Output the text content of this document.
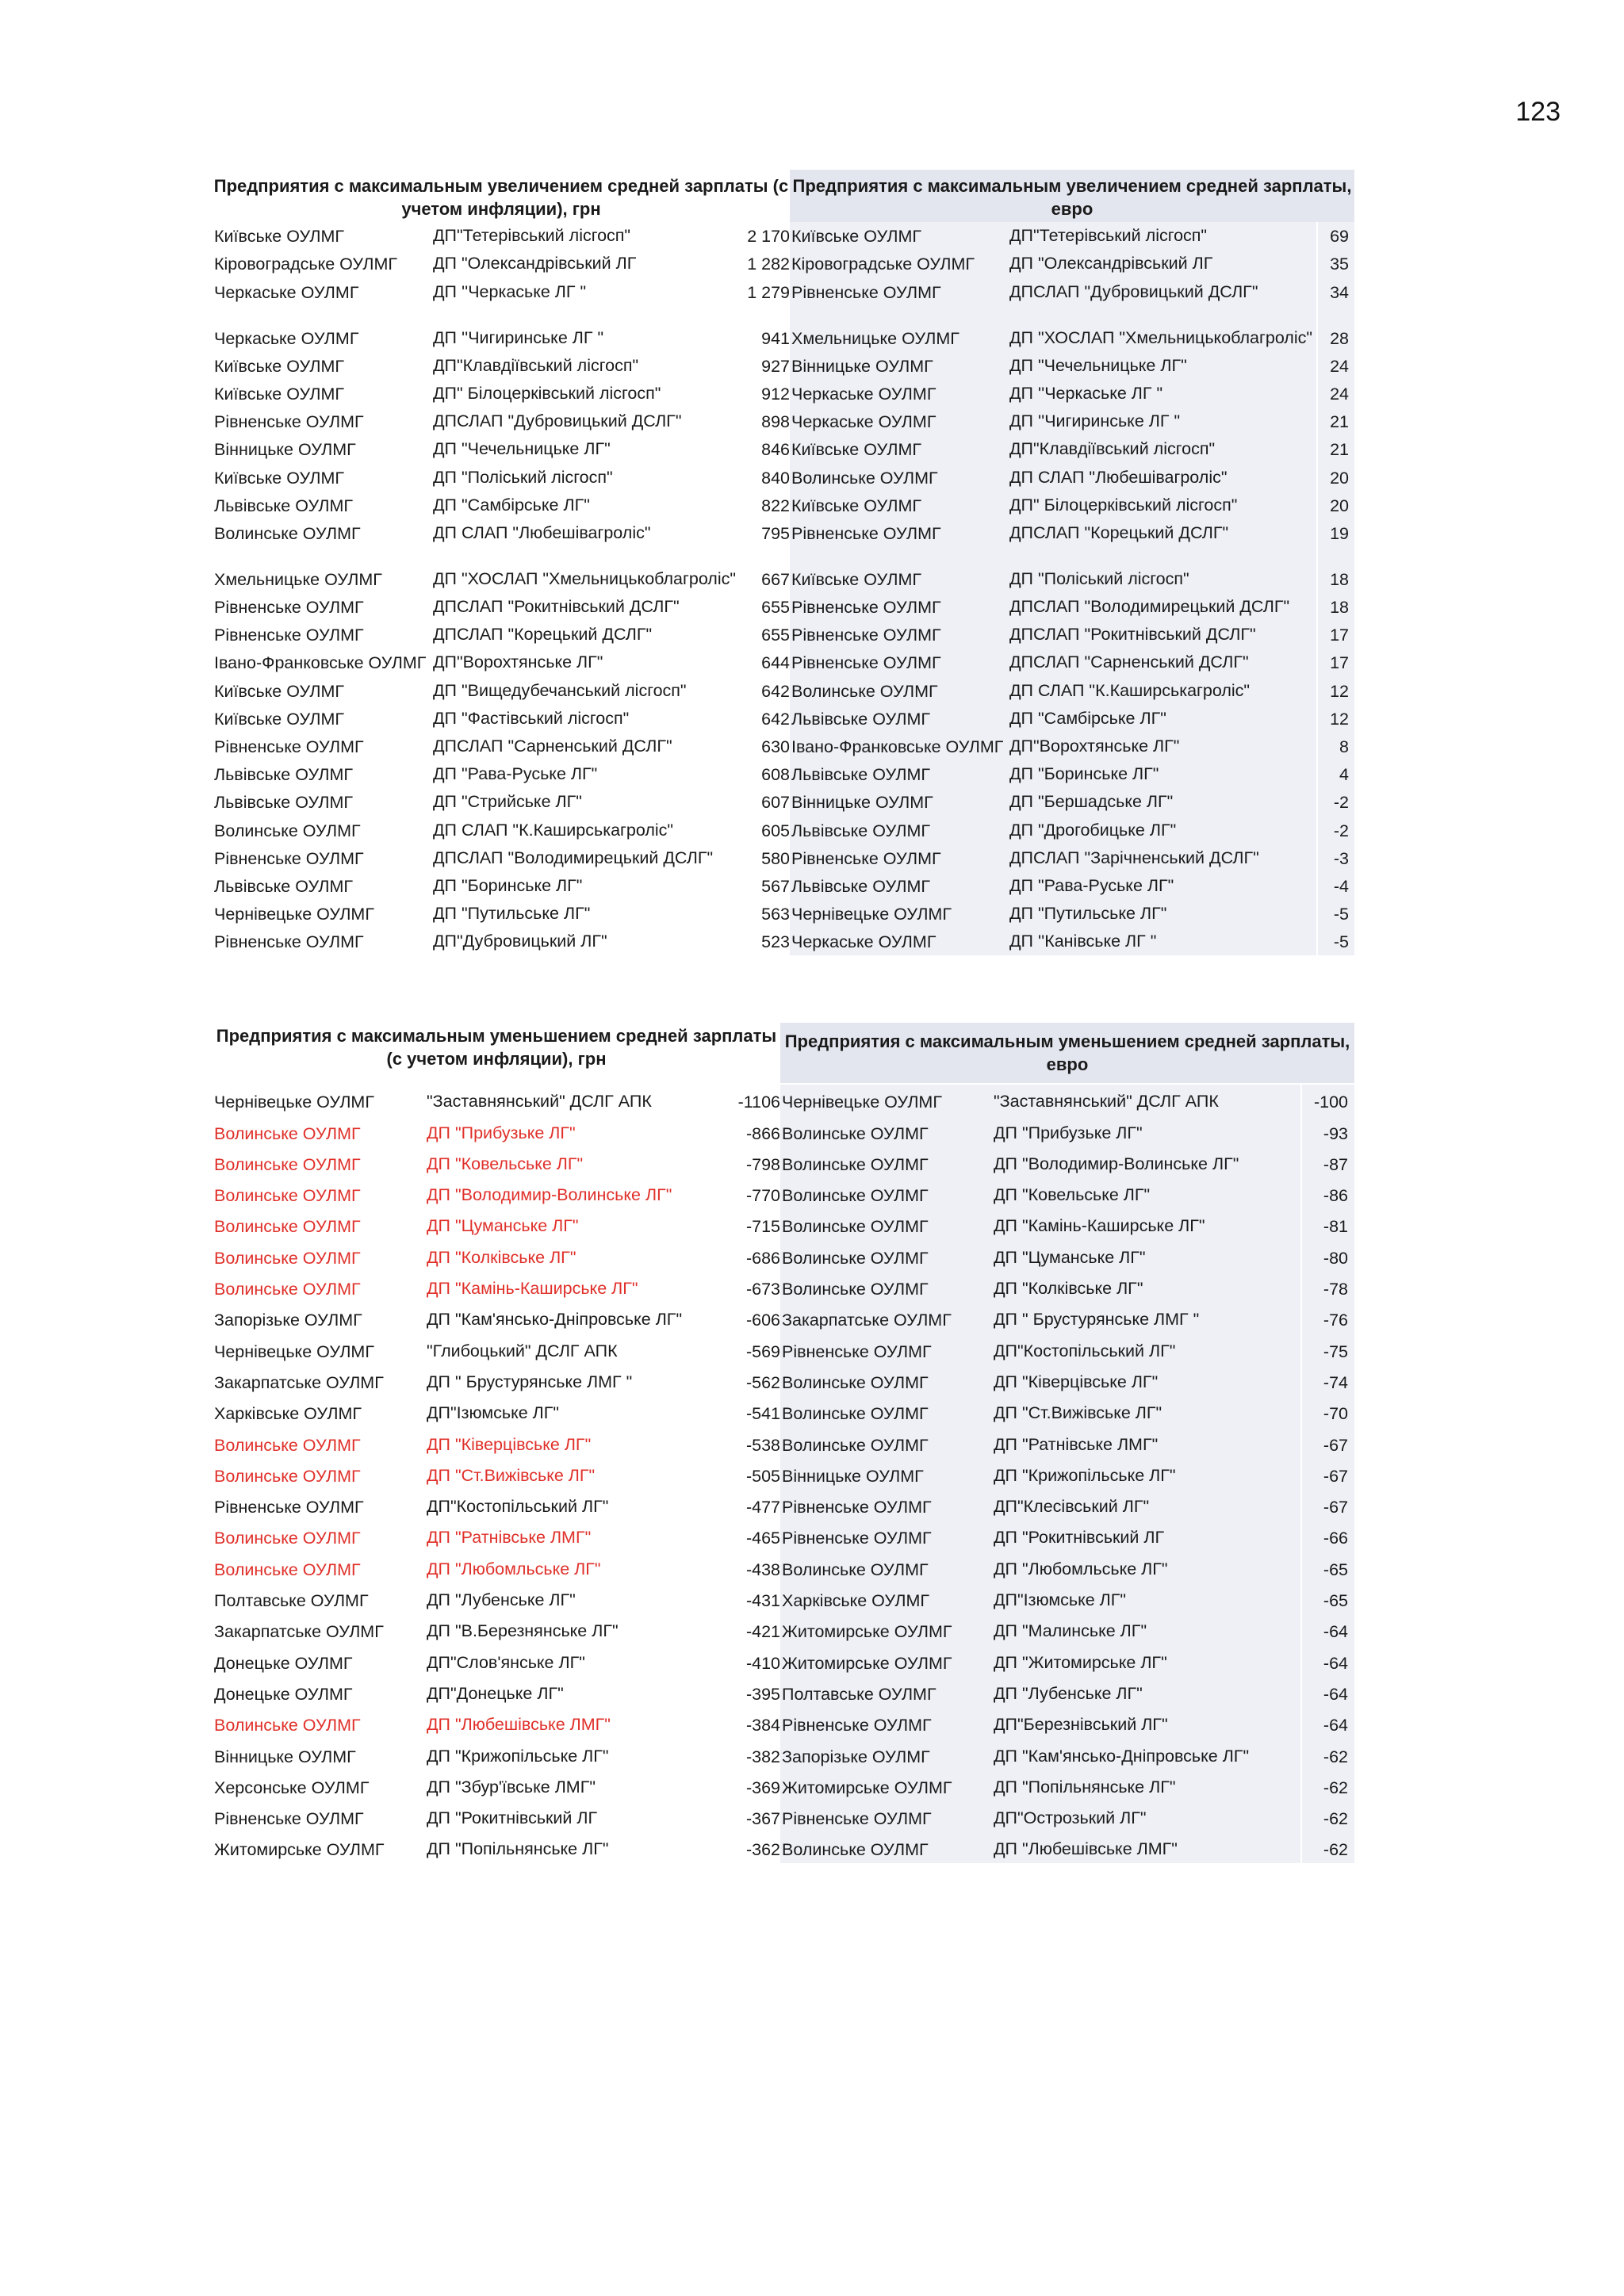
123
Предприятия с максимальным увеличением средней зарплаты (с учетом инфляции), грн
Предприятия с максимальным увеличением средней зарплаты, евро
Київське ОУЛМГ	ДП"Тетерівський лісгосп"	2 170 Київське ОУЛМГ	ДП"Тетерівський лісгосп"	69
Кіровоградське ОУЛМГ	ДП "Олександрівський ЛГ	1 282 Кіровоградське ОУЛМГ	ДП "Олександрівський ЛГ	35
Черкаське ОУЛМГ	ДП ''Черкаське ЛГ "	1 279 Рівненське ОУЛМГ	ДПСЛАП "Дубровицький ДСЛГ"	34
Черкаське ОУЛМГ	ДП ''Чигиринське ЛГ "	941 Хмельницьке ОУЛМГ	ДП "ХОСЛАП "Хмельницькоблагроліс"	28
Київське ОУЛМГ	ДП"Клавдіївський лісгосп"	927 Вінницьке ОУЛМГ	ДП "Чечельницьке ЛГ"	24
Київське ОУЛМГ	ДП" Білоцерківський лісгосп"	912 Черкаське ОУЛМГ	ДП ''Черкаське ЛГ "	24
Рівненське ОУЛМГ	ДПСЛАП "Дубровицький ДСЛГ"	898 Черкаське ОУЛМГ	ДП ''Чигиринське ЛГ "	21
Вінницьке ОУЛМГ	ДП "Чечельницьке ЛГ"	846 Київське ОУЛМГ	ДП"Клавдіївський лісгосп"	21
Київське ОУЛМГ	ДП "Поліський лісгосп"	840 Волинське ОУЛМГ	ДП СЛАП "Любешівагроліс"	20
Львівське ОУЛМГ	ДП "Самбірське ЛГ"	822 Київське ОУЛМГ	ДП" Білоцерківський лісгосп"	20
Волинське ОУЛМГ	ДП СЛАП "Любешівагроліс"	795 Рівненське ОУЛМГ	ДПСЛАП "Корецький ДСЛГ"	19
Хмельницьке ОУЛМГ	ДП "ХОСЛАП "Хмельницькоблагроліс"	667 Київське ОУЛМГ	ДП "Поліський лісгосп"	18
Рівненське ОУЛМГ	ДПСЛАП "Рокитнівський ДСЛГ"	655 Рівненське ОУЛМГ	ДПСЛАП "Володимирецький ДСЛГ"	18
Рівненське ОУЛМГ	ДПСЛАП "Корецький ДСЛГ"	655 Рівненське ОУЛМГ	ДПСЛАП "Рокитнівський ДСЛГ"	17
Івано-Франковське ОУЛМГ ДП"Ворохтянське ЛГ"	644 Рівненське ОУЛМГ	ДПСЛАП "Сарненський ДСЛГ"	17
Київське ОУЛМГ	ДП "Вищедубечанський лісгосп"	642 Волинське ОУЛМГ	ДП СЛАП "К.Каширськагроліс"	12
Київське ОУЛМГ	ДП "Фастівський лісгосп"	642 Львівське ОУЛМГ	ДП "Самбірське ЛГ"	12
Рівненське ОУЛМГ	ДПСЛАП "Сарненський ДСЛГ"	630 Івано-Франковське ОУЛМГ ДП"Ворохтянське ЛГ"	8
Львівське ОУЛМГ	ДП "Рава-Руське ЛГ"	608 Львівське ОУЛМГ	ДП "Боринське ЛГ"	4
Львівське ОУЛМГ	ДП "Стрийське ЛГ"	607 Вінницьке ОУЛМГ	ДП "Бершадське ЛГ"	-2
Волинське ОУЛМГ	ДП СЛАП "К.Каширськагроліс"	605 Львівське ОУЛМГ	ДП "Дрогобицьке ЛГ"	-2
Рівненське ОУЛМГ	ДПСЛАП "Володимирецький ДСЛГ"	580 Рівненське ОУЛМГ	ДПСЛАП "Зарічненський ДСЛГ"	-3
Львівське ОУЛМГ	ДП "Боринське ЛГ"	567 Львівське ОУЛМГ	ДП "Рава-Руське ЛГ"	-4
Чернівецьке ОУЛМГ	ДП "Путильське ЛГ"	563 Чернівецьке ОУЛМГ	ДП "Путильське ЛГ"	-5
Рівненське ОУЛМГ	ДП"Дубровицький ЛГ"	523 Черкаське ОУЛМГ	ДП ''Канівське ЛГ "	-5
Предприятия с максимальным уменьшением средней зарплаты (с учетом инфляции), грн
Предприятия с максимальным уменьшением средней зарплаты, евро
Чернівецьке ОУЛМГ	"Заставнянський" ДСЛГ АПК	-1106 Чернівецьке ОУЛМГ	"Заставнянський" ДСЛГ АПК	-100
Волинське ОУЛМГ	ДП "Прибузьке ЛГ"	-866 Волинське ОУЛМГ	ДП "Прибузьке ЛГ"	-93
Волинське ОУЛМГ	ДП "Ковельське ЛГ"	-798 Волинське ОУЛМГ	ДП "Володимир-Волинське ЛГ"	-87
Волинське ОУЛМГ	ДП "Володимир-Волинське ЛГ"	-770 Волинське ОУЛМГ	ДП "Ковельське ЛГ"	-86
Волинське ОУЛМГ	ДП "Цуманське ЛГ"	-715 Волинське ОУЛМГ	ДП "Камінь-Каширське ЛГ"	-81
Волинське ОУЛМГ	ДП "Колківське ЛГ"	-686 Волинське ОУЛМГ	ДП "Цуманське ЛГ"	-80
Волинське ОУЛМГ	ДП "Камінь-Каширське ЛГ"	-673 Волинське ОУЛМГ	ДП "Колківське ЛГ"	-78
Запорізьке ОУЛМГ	ДП "Кам'янсько-Дніпровське ЛГ"	-606 Закарпатське ОУЛМГ	ДП " Брустурянське ЛМГ "	-76
Чернівецьке ОУЛМГ	"Глибоцький" ДСЛГ АПК	-569 Рівненське ОУЛМГ	ДП"Костопільський ЛГ"	-75
Закарпатське ОУЛМГ	ДП " Брустурянське ЛМГ "	-562 Волинське ОУЛМГ	ДП "Ківерцівське ЛГ"	-74
Харківське ОУЛМГ	ДП"Ізюмське ЛГ"	-541 Волинське ОУЛМГ	ДП "Ст.Вижівське ЛГ"	-70
Волинське ОУЛМГ	ДП "Ківерцівське ЛГ"	-538 Волинське ОУЛМГ	ДП "Ратнівське ЛМГ"	-67
Волинське ОУЛМГ	ДП "Ст.Вижівське ЛГ"	-505 Вінницьке ОУЛМГ	ДП "Крижопільське ЛГ"	-67
Рівненське ОУЛМГ	ДП"Костопільський ЛГ"	-477 Рівненське ОУЛМГ	ДП"Клесівський ЛГ"	-67
Волинське ОУЛМГ	ДП "Ратнівське ЛМГ"	-465 Рівненське ОУЛМГ	ДП "Рокитнівський ЛГ	-66
Волинське ОУЛМГ	ДП "Любомльське ЛГ"	-438 Волинське ОУЛМГ	ДП "Любомльське ЛГ"	-65
Полтавське ОУЛМГ	ДП "Лубенське ЛГ"	-431 Харківське ОУЛМГ	ДП"Ізюмське ЛГ"	-65
Закарпатське ОУЛМГ	ДП "В.Березнянське ЛГ"	-421 Житомирське ОУЛМГ	ДП "Малинське ЛГ"	-64
Донецьке ОУЛМГ	ДП"Слов'янське ЛГ"	-410 Житомирське ОУЛМГ	ДП "Житомирське ЛГ"	-64
Донецьке ОУЛМГ	ДП"Донецьке ЛГ"	-395 Полтавське ОУЛМГ	ДП "Лубенське ЛГ"	-64
Волинське ОУЛМГ	ДП "Любешівське ЛМГ"	-384 Рівненське ОУЛМГ	ДП"Березнівський ЛГ"	-64
Вінницьке ОУЛМГ	ДП "Крижопільське ЛГ"	-382 Запорізьке ОУЛМГ	ДП "Кам'янсько-Дніпровське ЛГ"	-62
Херсонське ОУЛМГ	ДП "Збур'ївське ЛМГ"	-369 Житомирське ОУЛМГ	ДП "Попільнянське ЛГ"	-62
Рівненське ОУЛМГ	ДП "Рокитнівський ЛГ	-367 Рівненське ОУЛМГ	ДП"Острозький ЛГ"	-62
Житомирське ОУЛМГ	ДП "Попільнянське ЛГ"	-362 Волинське ОУЛМГ	ДП "Любешівське ЛМГ"	-62
